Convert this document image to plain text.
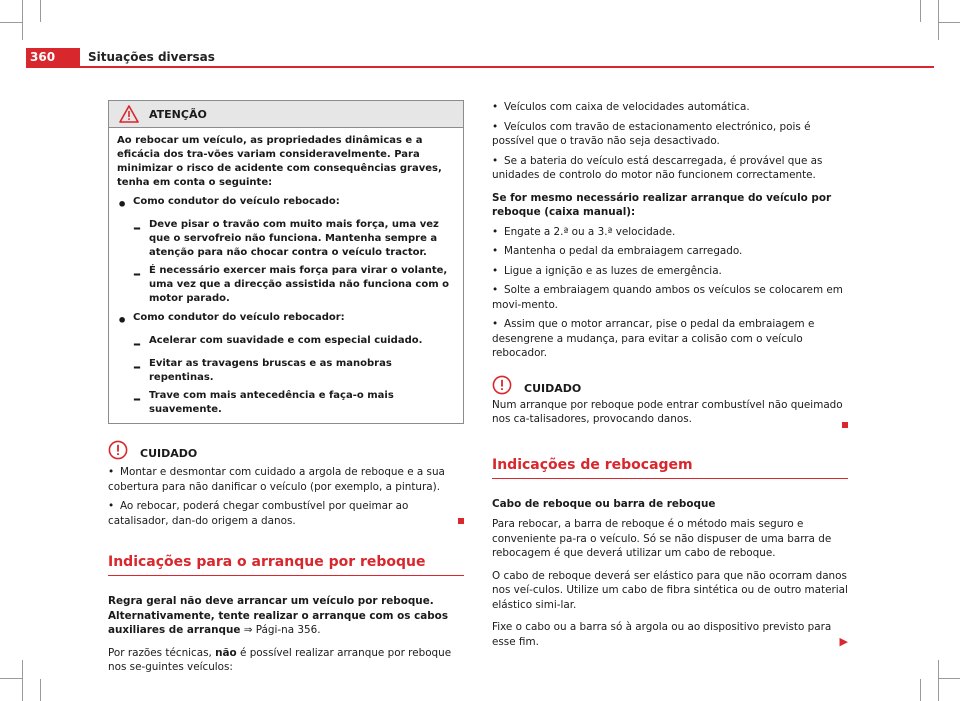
360	Situações diversas
ATENÇÃO

Ao rebocar um veículo, as propriedades dinâmicas e a eficácia dos tra-vões variam consideravelmente. Para minimizar o risco de acidente com consequências graves, tenha em conta o seguinte:

• Como condutor do veículo rebocado:

– Deve pisar o travão com muito mais força, uma vez que o servofreio não funciona. Mantenha sempre a atenção para não chocar contra o veículo tractor.

– É necessário exercer mais força para virar o volante, uma vez que a direcção assistida não funciona com o motor parado.

• Como condutor do veículo rebocador:

– Acelerar com suavidade e com especial cuidado.

– Evitar as travagens bruscas e as manobras repentinas.

– Trave com mais antecedência e faça-o mais suavemente.

CUIDADO

• Montar e desmontar com cuidado a argola de reboque e a sua cobertura para não danificar o veículo (por exemplo, a pintura).

• Ao rebocar, poderá chegar combustível por queimar ao catalisador, dan-do origem a danos.

Indicações para o arranque por reboque

Regra geral não deve arrancar um veículo por reboque. Alternativamente, tente realizar o arranque com os cabos auxiliares de arranque ⇒ Pági-na 356.

Por razões técnicas, não é possível realizar arranque por reboque nos se-guintes veículos:

• Veículos com caixa de velocidades automática.

• Veículos com travão de estacionamento electrónico, pois é possível que o travão não seja desactivado.

• Se a bateria do veículo está descarregada, é provável que as unidades de controlo do motor não funcionem correctamente.

Se for mesmo necessário realizar arranque do veículo por reboque (caixa manual):

• Engate a 2.ª ou a 3.ª velocidade.

• Mantenha o pedal da embraiagem carregado.

• Ligue a ignição e as luzes de emergência.

• Solte a embraiagem quando ambos os veículos se colocarem em movi-mento.

• Assim que o motor arrancar, pise o pedal da embraiagem e desengrene a mudança, para evitar a colisão com o veículo rebocador.

CUIDADO

Num arranque por reboque pode entrar combustível não queimado nos ca-talisadores, provocando danos.

Indicações de rebocagem

Cabo de reboque ou barra de reboque

Para rebocar, a barra de reboque é o método mais seguro e conveniente pa-ra o veículo. Só se não dispuser de uma barra de rebocagem é que deverá utilizar um cabo de reboque.

O cabo de reboque deverá ser elástico para que não ocorram danos nos veí-culos. Utilize um cabo de fibra sintética ou de outro material elástico simi-lar.

Fixe o cabo ou a barra só à argola ou ao dispositivo previsto para esse fim.	▶
